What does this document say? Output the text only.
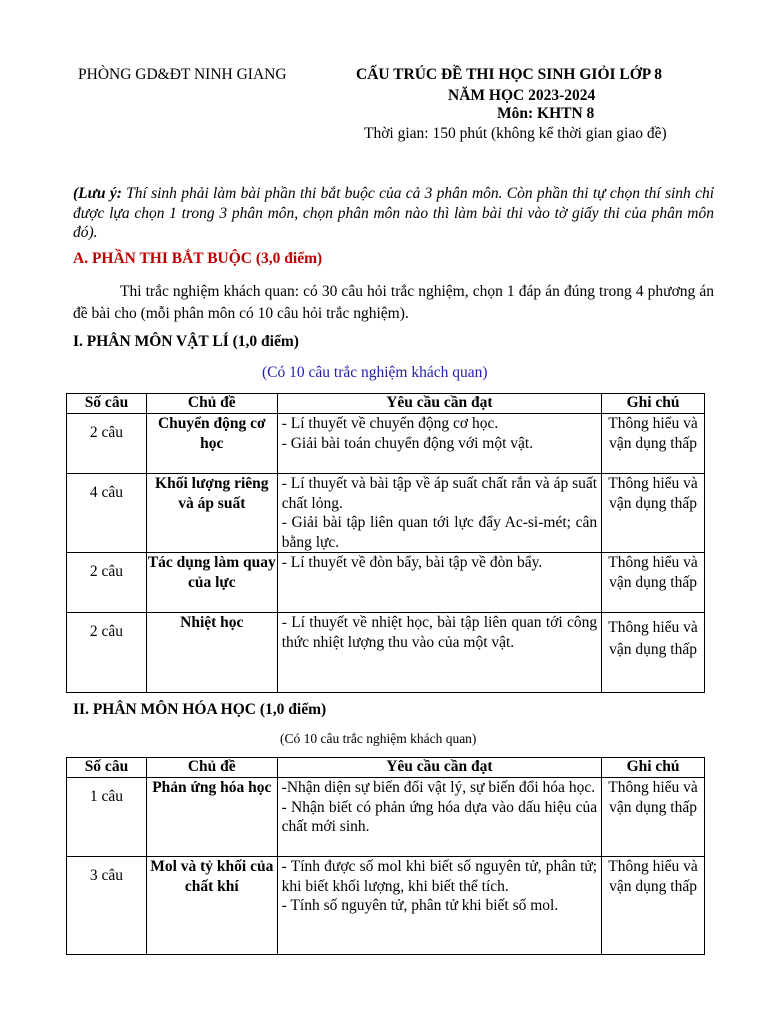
PHÒNG GD&ĐT NINH GIANG	CẤU TRÚC ĐỀ THI HỌC SINH GIỎI LỚP 8
NĂM HỌC 2023-2024
Môn: KHTN 8
Thời gian: 150 phút (không kể thời gian giao đề)
(Lưu ý: Thí sinh phải làm bài phần thi bắt buộc của cả 3 phân môn. Còn phần thi tự chọn thí sinh chỉ được lựa chọn 1 trong 3 phân môn, chọn phân môn nào thì làm bài thi vào tờ giấy thi của phân môn đó).
A. PHẦN THI BẮT BUỘC (3,0 điểm)
Thi trắc nghiệm khách quan: có 30 câu hỏi trắc nghiệm, chọn 1 đáp án đúng trong 4 phương án đề bài cho (mỗi phân môn có 10 câu hỏi trắc nghiệm).
I. PHÂN MÔN VẬT LÍ (1,0 điểm)
(Có 10 câu trắc nghiệm khách quan)
Số câu	Chủ đề	Yêu cầu cần đạt	Ghi chú
2 câu	Chuyển động cơ học	- Lí thuyết về chuyển động cơ học.
- Giải bài toán chuyển động với một vật.	Thông hiểu và vận dụng thấp
4 câu	Khối lượng riêng và áp suất	- Lí thuyết và bài tập về áp suất chất rắn và áp suất chất lỏng.
- Giải bài tập liên quan tới lực đẩy Ac-si-mét; cân bằng lực.	Thông hiểu và vận dụng thấp
2 câu	Tác dụng làm quay của lực	- Lí thuyết về đòn bẩy, bài tập về đòn bẩy.	Thông hiểu và vận dụng thấp
2 câu	Nhiệt học	- Lí thuyết về nhiệt học, bài tập liên quan tới công thức nhiệt lượng thu vào của một vật.	Thông hiểu và vận dụng thấp
II. PHÂN MÔN HÓA HỌC (1,0 điểm)
(Có 10 câu trắc nghiệm khách quan)
Số câu	Chủ đề	Yêu cầu cần đạt	Ghi chú
1 câu	Phản ứng hóa học	-Nhận diện sự biến đổi vật lý, sự biến đổi hóa học.
- Nhận biết có phản ứng hóa dựa vào dấu hiệu của chất mới sinh.	Thông hiểu và vận dụng thấp
3 câu	Mol và tỷ khối của chất khí	- Tính được số mol khi biết số nguyên tử, phân tử; khi biết khối lượng, khi biết thể tích.
- Tính số nguyên tử, phân tử khi biết số mol.	Thông hiểu và vận dụng thấp
